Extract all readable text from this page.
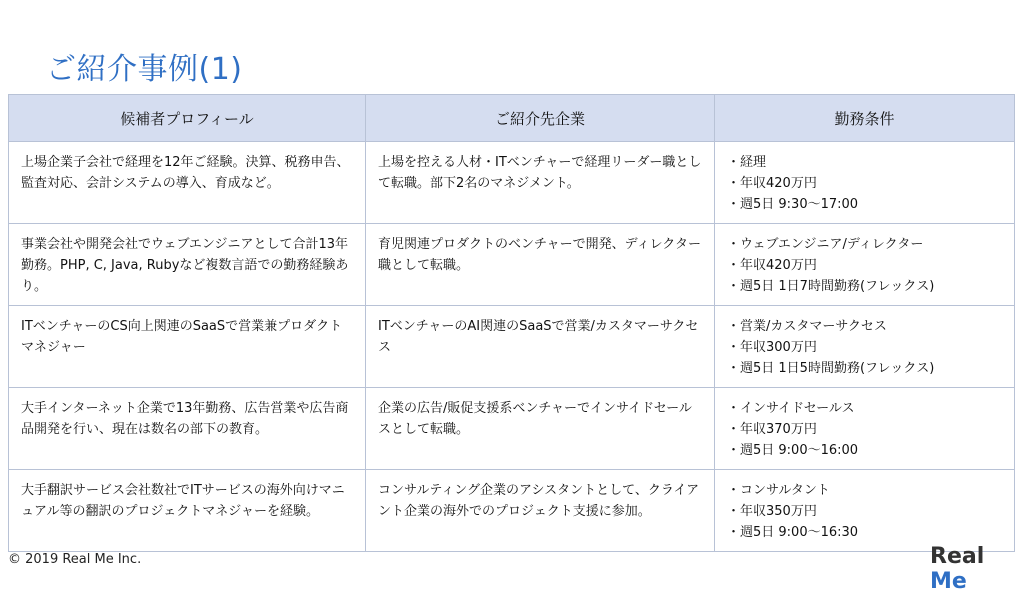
ご紹介事例(1)
候補者プロフィール	ご紹介先企業	勤務条件
上場企業子会社で経理を12年ご経験。決算、税務申告、監査対応、会計システムの導入、育成など。	上場を控える人材・ITベンチャーで経理リーダー職として転職。部下2名のマネジメント。	・経理
・年収420万円
・週5日 9:30〜17:00

事業会社や開発会社でウェブエンジニアとして合計13年勤務。PHP, C, Java, Rubyなど複数言語での勤務経験あり。	育児関連プロダクトのベンチャーで開発、ディレクター職として転職。	・ウェブエンジニア/ディレクター
・年収420万円
・週5日 1日7時間勤務(フレックス)

ITベンチャーのCS向上関連のSaaSで営業兼プロダクトマネジャー	ITベンチャーのAI関連のSaaSで営業/カスタマーサクセス	・営業/カスタマーサクセス
・年収300万円
・週5日 1日5時間勤務(フレックス)

大手インターネット企業で13年勤務、広告営業や広告商品開発を行い、現在は数名の部下の教育。	企業の広告/販促支援系ベンチャーでインサイドセールスとして転職。	・インサイドセールス
・年収370万円
・週5日 9:00〜16:00

大手翻訳サービス会社数社でITサービスの海外向けマニュアル等の翻訳のプロジェクトマネジャーを経験。	コンサルティング企業のアシスタントとして、クライアント企業の海外でのプロジェクト支援に参加。	・コンサルタント
・年収350万円
・週5日 9:00〜16:30
© 2019 Real Me Inc.	Real Me
